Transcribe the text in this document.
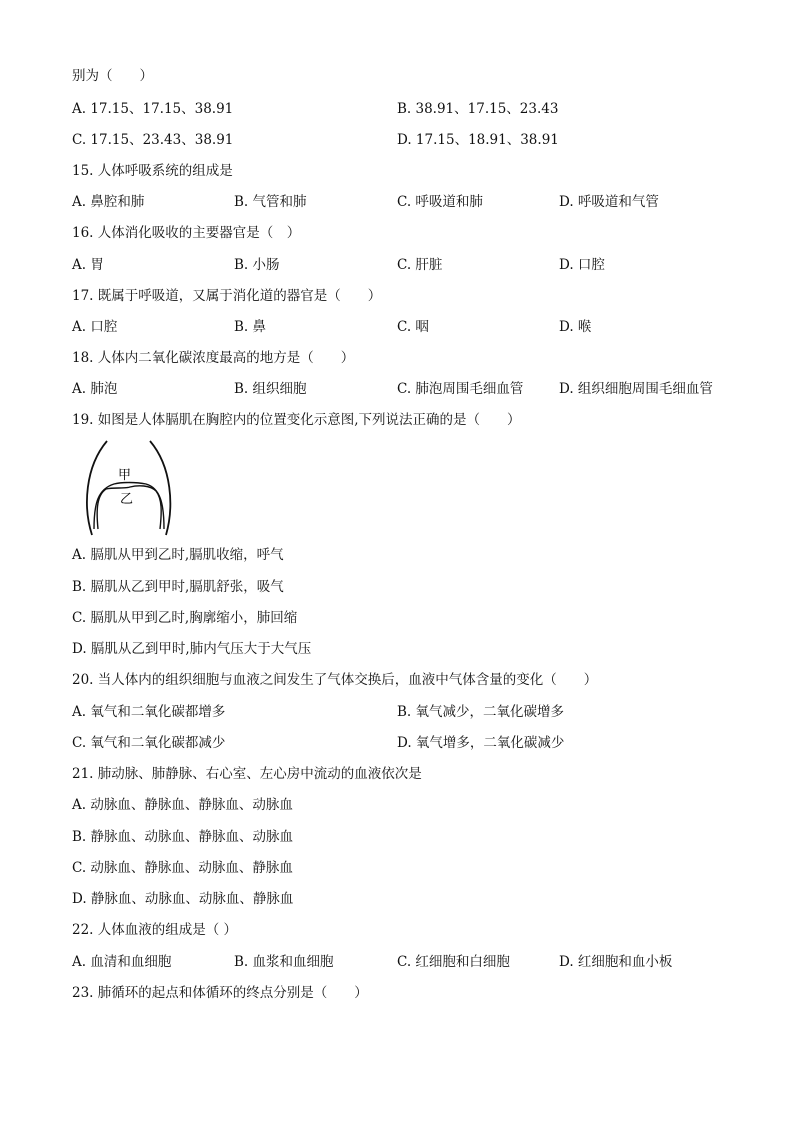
别为（　　）
A. 17.15、17.15、38.91	B. 38.91、17.15、23.43
C. 17.15、23.43、38.91	D. 17.15、18.91、38.91
15. 人体呼吸系统的组成是
A. 鼻腔和肺	B. 气管和肺	C. 呼吸道和肺	D. 呼吸道和气管
16. 人体消化吸收的主要器官是（　）
A. 胃	B. 小肠	C. 肝脏	D. 口腔
17. 既属于呼吸道，又属于消化道的器官是（　　）
A. 口腔	B. 鼻	C. 咽	D. 喉
18. 人体内二氧化碳浓度最高的地方是（　　）
A. 肺泡	B. 组织细胞	C. 肺泡周围毛细血管	D. 组织细胞周围毛细血管
19. 如图是人体膈肌在胸腔内的位置变化示意图,下列说法正确的是（　　）
甲
乙
A. 膈肌从甲到乙时,膈肌收缩，呼气
B. 膈肌从乙到甲时,膈肌舒张，吸气
C. 膈肌从甲到乙时,胸廓缩小，肺回缩
D. 膈肌从乙到甲时,肺内气压大于大气压
20. 当人体内的组织细胞与血液之间发生了气体交换后，血液中气体含量的变化（　　）
A. 氧气和二氧化碳都增多	B. 氧气减少，二氧化碳增多
C. 氧气和二氧化碳都减少	D. 氧气增多，二氧化碳减少
21. 肺动脉、肺静脉、右心室、左心房中流动的血液依次是
A. 动脉血、静脉血、静脉血、动脉血
B. 静脉血、动脉血、静脉血、动脉血
C. 动脉血、静脉血、动脉血、静脉血
D. 静脉血、动脉血、动脉血、静脉血
22. 人体血液的组成是（ ）
A. 血清和血细胞	B. 血浆和血细胞	C. 红细胞和白细胞	D. 红细胞和血小板
23. 肺循环的起点和体循环的终点分别是（　　）
